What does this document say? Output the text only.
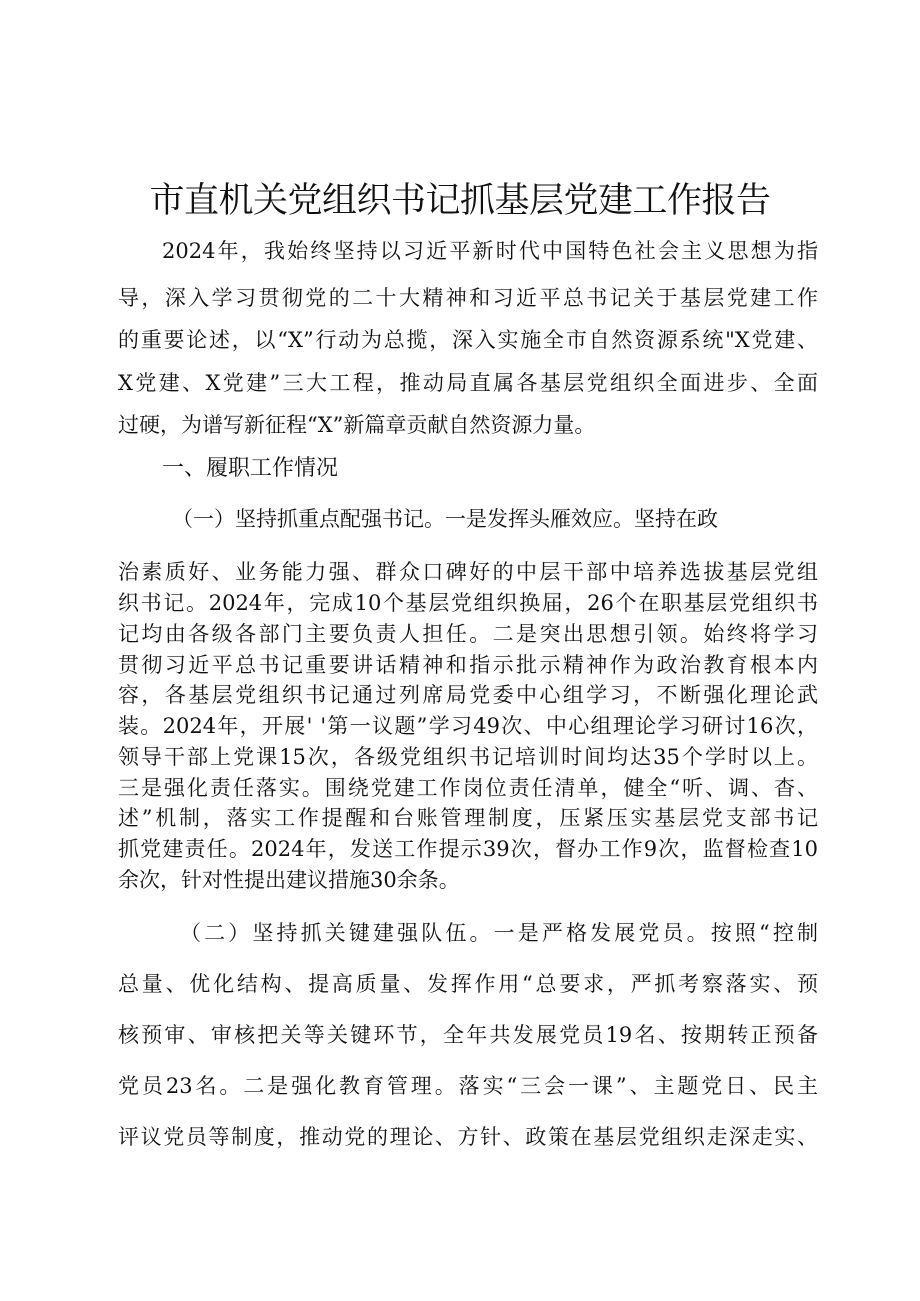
市直机关党组织书记抓基层党建工作报告
2024年，我始终坚持以习近平新时代中国特色社会主义思想为指
导，深入学习贯彻党的二十大精神和习近平总书记关于基层党建工作
的重要论述，以“X”行动为总揽，深入实施全市自然资源系统"X党建、
X党建、X党建”三大工程，推动局直属各基层党组织全面进步、全面
过硬，为谱写新征程“X”新篇章贡献自然资源力量。
一、履职工作情况
（一）坚持抓重点配强书记。一是发挥头雁效应。坚持在政
治素质好、业务能力强、群众口碑好的中层干部中培养选拔基层党组
织书记。2024年，完成10个基层党组织换届，26个在职基层党组织书
记均由各级各部门主要负责人担任。二是突出思想引领。始终将学习
贯彻习近平总书记重要讲话精神和指示批示精神作为政治教育根本内
容，各基层党组织书记通过列席局党委中心组学习，不断强化理论武
装。2024年，开展' '第一议题”学习49次、中心组理论学习研讨16次，
领导干部上党课15次，各级党组织书记培训时间均达35个学时以上。
三是强化责任落实。围绕党建工作岗位责任清单，健全“听、调、杳、
述”机制，落实工作提醒和台账管理制度，压紧压实基层党支部书记
抓党建责任。2024年，发送工作提示39次，督办工作9次，监督检查10
余次，针对性提出建议措施30余条。
（二）坚持抓关键建强队伍。一是严格发展党员。按照“控制
总量、优化结构、提高质量、发挥作用“总要求，严抓考察落实、预
核预审、审核把关等关键环节，全年共发展党员19名、按期转正预备
党员23名。二是强化教育管理。落实“三会一课”、主题党日、民主
评议党员等制度，推动党的理论、方针、政策在基层党组织走深走实、
